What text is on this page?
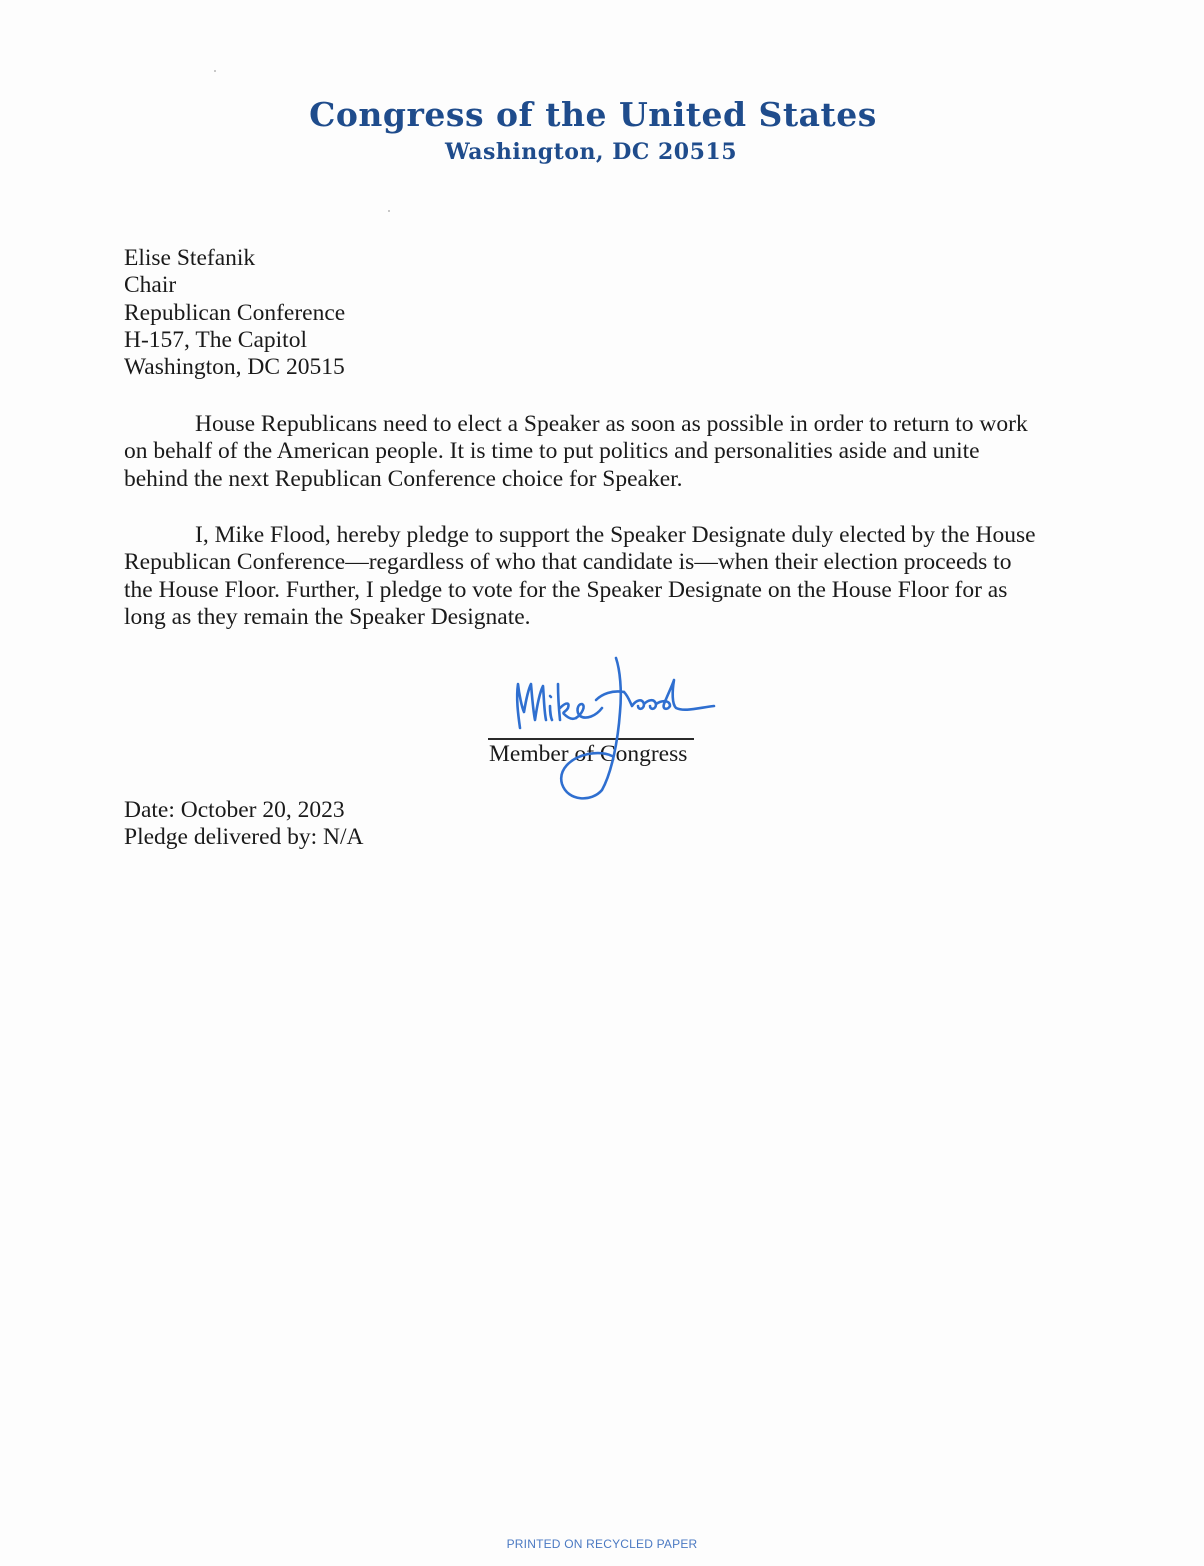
Congress of the United States
Washington, DC 20515
Elise Stefanik
Chair
Republican Conference
H-157, The Capitol
Washington, DC 20515
House Republicans need to elect a Speaker as soon as possible in order to return to work
on behalf of the American people. It is time to put politics and personalities aside and unite
behind the next Republican Conference choice for Speaker.
I, Mike Flood, hereby pledge to support the Speaker Designate duly elected by the House
Republican Conference—regardless of who that candidate is—when their election proceeds to
the House Floor. Further, I pledge to vote for the Speaker Designate on the House Floor for as
long as they remain the Speaker Designate.
Member of Congress
Date: October 20, 2023
Pledge delivered by: N/A
PRINTED ON RECYCLED PAPER
